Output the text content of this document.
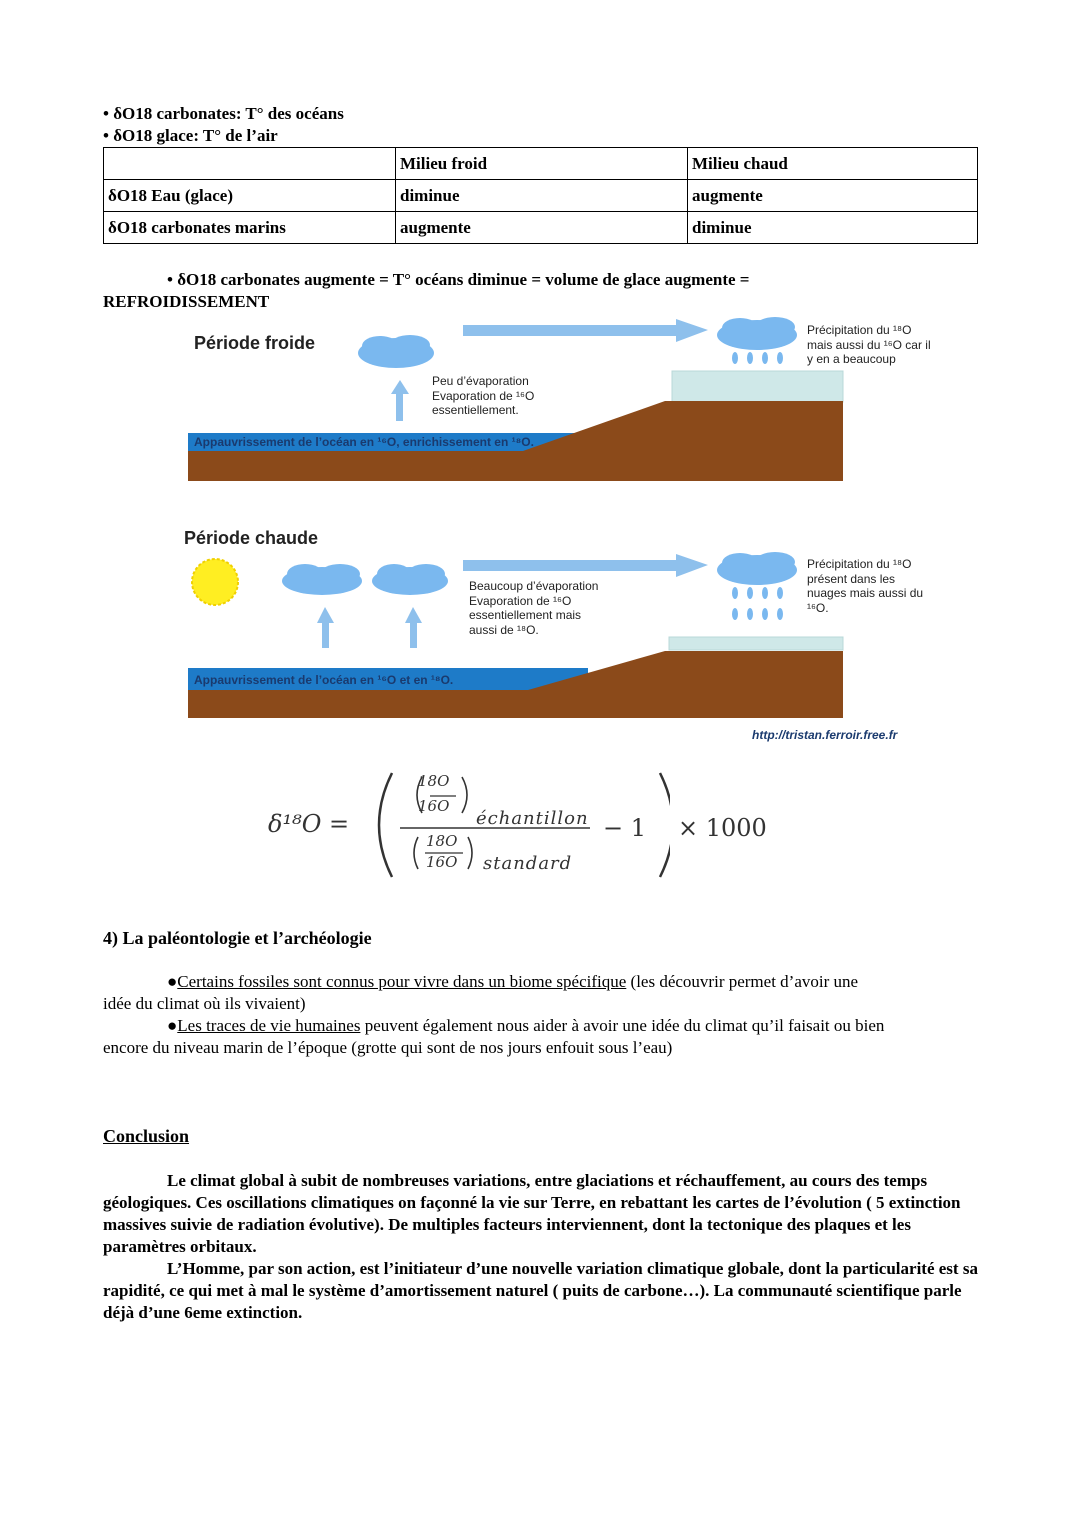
• δO18 carbonates: T° des océans
• δO18 glace: T° de l’air
	Milieu froid	Milieu chaud
δO18 Eau (glace)	diminue	augmente
δO18 carbonates marins	augmente	diminue
• δO18 carbonates augmente = T° océans diminue = volume de glace augmente =
REFROIDISSEMENT
Période froide
Peu d’évaporation
Evaporation de ¹⁶O
essentiellement.
Précipitation du ¹⁸O
mais aussi du ¹⁶O car il
y en a beaucoup
Appauvrissement de l’océan en ¹⁶O, enrichissement en ¹⁸O.
Période chaude
Beaucoup d’évaporation
Evaporation de ¹⁶O
essentiellement mais
aussi de ¹⁸O.
Précipitation du ¹⁸O
présent dans les
nuages mais aussi du
¹⁶O.
Appauvrissement de l’océan en ¹⁶O et en ¹⁸O.
http://tristan.ferroir.free.fr
δ¹⁸O =
18O
16O
échantillon
18O
16O standard
− 1 × 1000
4) La paléontologie et l’archéologie
●Certains fossiles sont connus pour vivre dans un biome spécifique (les découvrir permet d’avoir une
idée du climat où ils vivaient)
●Les traces de vie humaines peuvent également nous aider à avoir une idée du climat qu’il faisait ou bien
encore du niveau marin de l’époque (grotte qui sont de nos jours enfouit sous l’eau)
Conclusion
Le climat global à subit de nombreuses variations, entre glaciations et réchauffement, au cours des temps géologiques. Ces oscillations climatiques on façonné la vie sur Terre, en rebattant les cartes de l’évolution ( 5 extinction massives suivie de radiation évolutive). De multiples facteurs interviennent, dont la tectonique des plaques et les paramètres orbitaux.
L’Homme, par son action, est l’initiateur d’une nouvelle variation climatique globale, dont la particularité est sa rapidité, ce qui met à mal le système d’amortissement naturel ( puits de carbone…). La communauté scientifique parle déjà d’une 6eme extinction.
